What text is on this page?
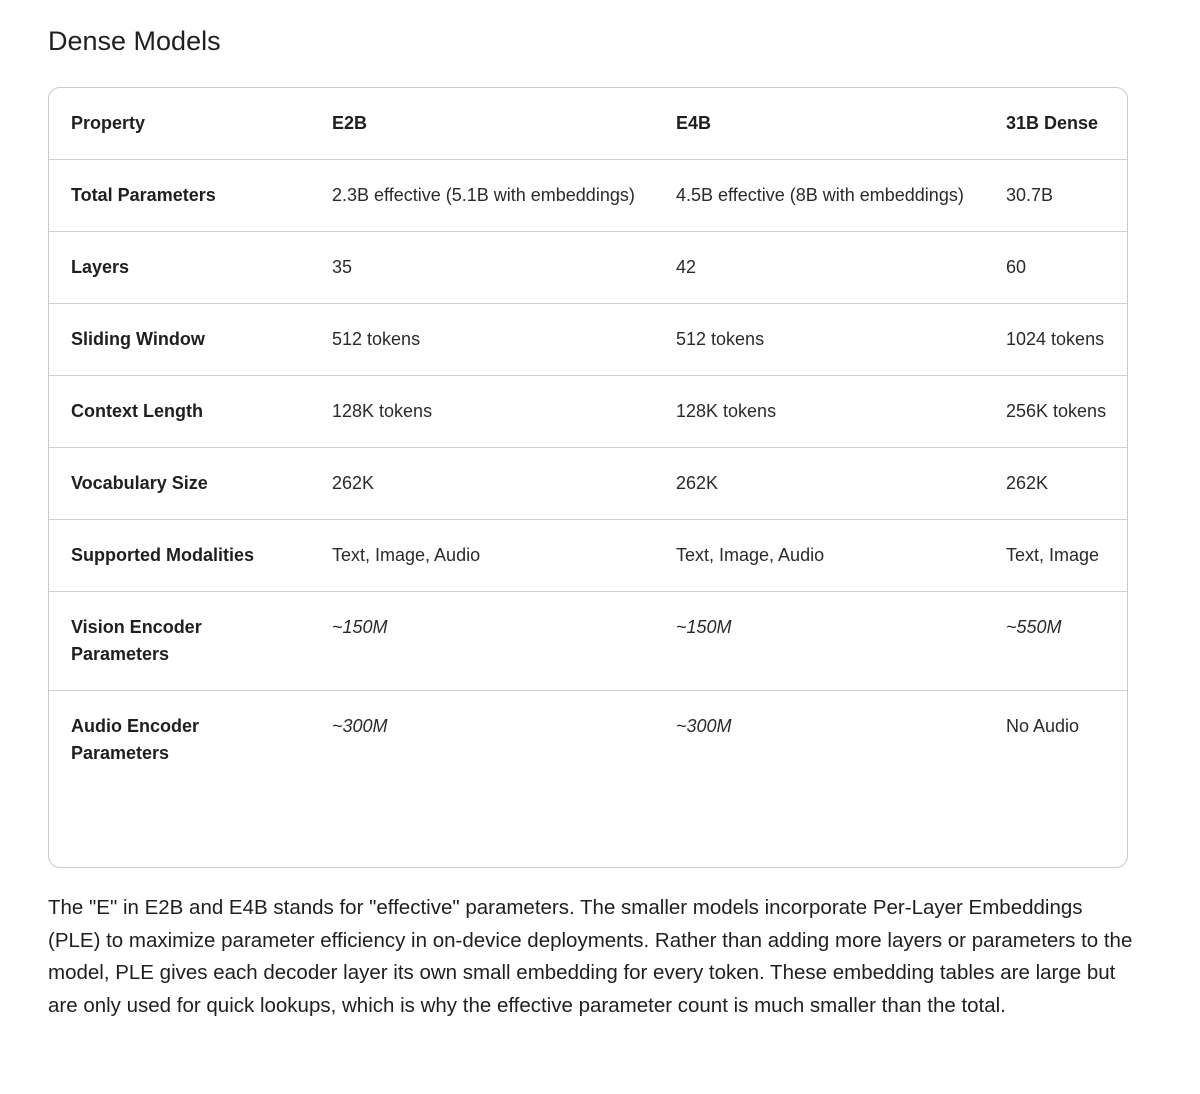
Dense Models
Property	E2B	E4B	31B Dense
Total Parameters	2.3B effective (5.1B with embeddings)	4.5B effective (8B with embeddings)	30.7B
Layers	35	42	60
Sliding Window	512 tokens	512 tokens	1024 tokens
Context Length	128K tokens	128K tokens	256K tokens
Vocabulary Size	262K	262K	262K
Supported Modalities	Text, Image, Audio	Text, Image, Audio	Text, Image
Vision Encoder Parameters	~150M	~150M	~550M
Audio Encoder Parameters	~300M	~300M	No Audio

The "E" in E2B and E4B stands for "effective" parameters. The smaller models incorporate Per-Layer Embeddings (PLE) to maximize parameter efficiency in on-device deployments. Rather than adding more layers or parameters to the model, PLE gives each decoder layer its own small embedding for every token. These embedding tables are large but are only used for quick lookups, which is why the effective parameter count is much smaller than the total.
